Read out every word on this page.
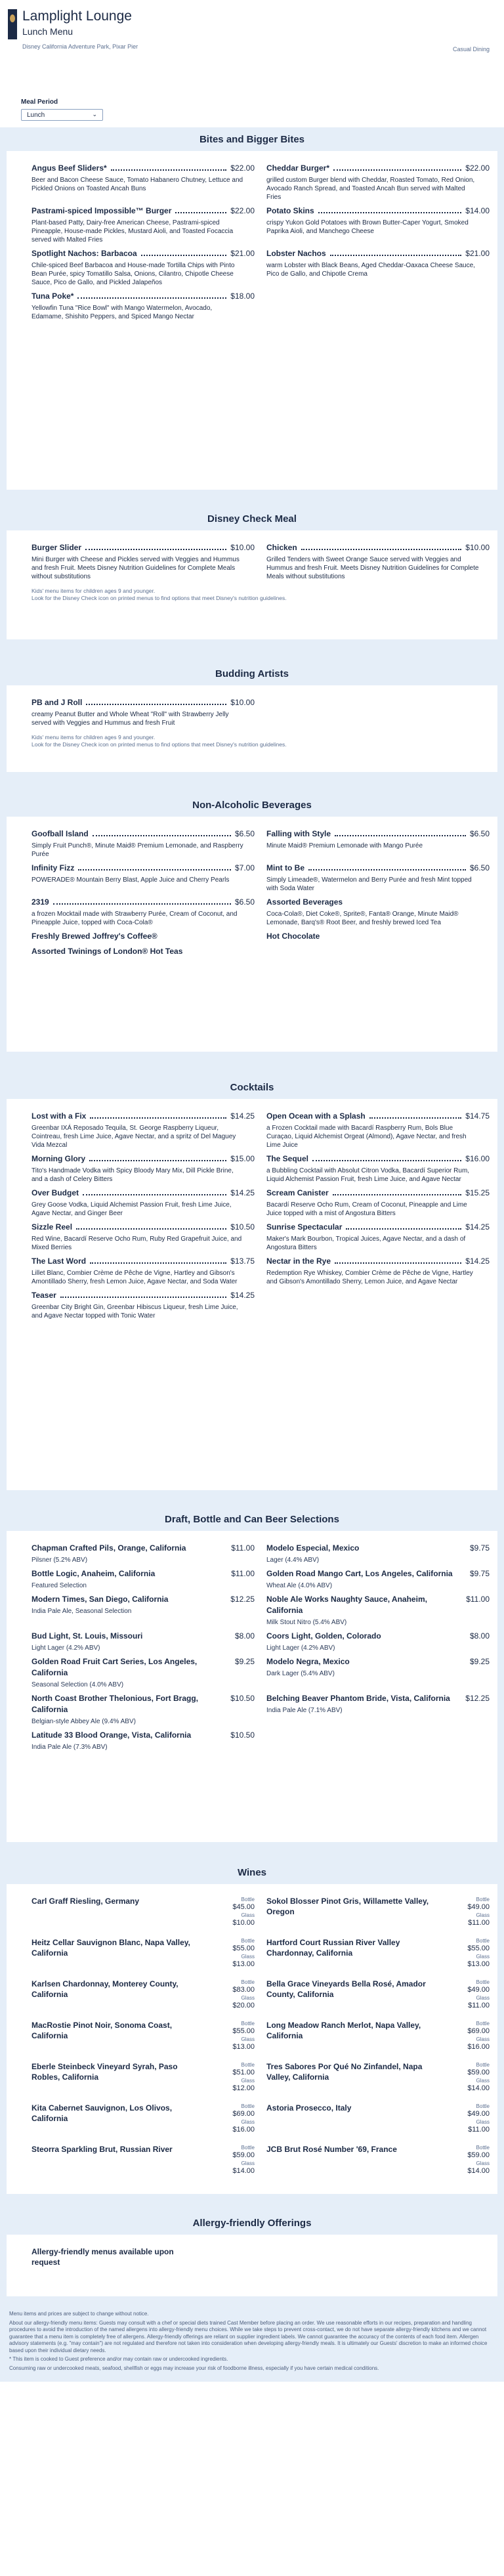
Lamplight Lounge
Lunch Menu
Disney California Adventure Park, Pixar Pier	Casual Dining
Meal Period
Lunch	⌄
Bites and Bigger Bites
Angus Beef Sliders*	$22.00
Beer and Bacon Cheese Sauce, Tomato Habanero Chutney, Lettuce and Pickled Onions on Toasted Ancah Buns
Cheddar Burger*	$22.00
grilled custom Burger blend with Cheddar, Roasted Tomato, Red Onion, Avocado Ranch Spread, and Toasted Ancah Bun served with Malted Fries
Pastrami-spiced Impossible™ Burger	$22.00
Plant-based Patty, Dairy-free American Cheese, Pastrami-spiced Pineapple, House-made Pickles, Mustard Aioli, and Toasted Focaccia served with Malted Fries
Potato Skins	$14.00
crispy Yukon Gold Potatoes with Brown Butter-Caper Yogurt, Smoked Paprika Aioli, and Manchego Cheese
Spotlight Nachos: Barbacoa	$21.00
Chile-spiced Beef Barbacoa and House-made Tortilla Chips with Pinto Bean Purée, spicy Tomatillo Salsa, Onions, Cilantro, Chipotle Cheese Sauce, Pico de Gallo, and Pickled Jalapeños
Lobster Nachos	$21.00
warm Lobster with Black Beans, Aged Cheddar-Oaxaca Cheese Sauce, Pico de Gallo, and Chipotle Crema
Tuna Poke*	$18.00
Yellowfin Tuna "Rice Bowl" with Mango Watermelon, Avocado, Edamame, Shishito Peppers, and Spiced Mango Nectar
Disney Check Meal
Burger Slider	$10.00
Mini Burger with Cheese and Pickles served with Veggies and Hummus and fresh Fruit. Meets Disney Nutrition Guidelines for Complete Meals without substitutions
Chicken	$10.00
Grilled Tenders with Sweet Orange Sauce served with Veggies and Hummus and fresh Fruit. Meets Disney Nutrition Guidelines for Complete Meals without substitutions
Kids' menu items for children ages 9 and younger.
Look for the Disney Check icon on printed menus to find options that meet Disney's nutrition guidelines.
Budding Artists
PB and J Roll	$10.00
creamy Peanut Butter and Whole Wheat "Roll" with Strawberry Jelly served with Veggies and Hummus and fresh Fruit
Kids' menu items for children ages 9 and younger.
Look for the Disney Check icon on printed menus to find options that meet Disney's nutrition guidelines.
Non-Alcoholic Beverages
Goofball Island	$6.50
Simply Fruit Punch®, Minute Maid® Premium Lemonade, and Raspberry Purée
Falling with Style	$6.50
Minute Maid® Premium Lemonade with Mango Purée
Infinity Fizz	$7.00
POWERADE® Mountain Berry Blast, Apple Juice and Cherry Pearls
Mint to Be	$6.50
Simply Limeade®, Watermelon and Berry Purée and fresh Mint topped with Soda Water
2319	$6.50
a frozen Mocktail made with Strawberry Purée, Cream of Coconut, and Pineapple Juice, topped with Coca-Cola®
Assorted Beverages
Coca-Cola®, Diet Coke®, Sprite®, Fanta® Orange, Minute Maid® Lemonade, Barq's® Root Beer, and freshly brewed Iced Tea
Freshly Brewed Joffrey's Coffee®	Hot Chocolate
Assorted Twinings of London® Hot Teas
Cocktails
Lost with a Fix	$14.25
Greenbar IXÁ Reposado Tequila, St. George Raspberry Liqueur, Cointreau, fresh Lime Juice, Agave Nectar, and a spritz of Del Maguey Vida Mezcal
Open Ocean with a Splash	$14.75
a Frozen Cocktail made with Bacardí Raspberry Rum, Bols Blue Curaçao, Liquid Alchemist Orgeat (Almond), Agave Nectar, and fresh Lime Juice
Morning Glory	$15.00
Tito's Handmade Vodka with Spicy Bloody Mary Mix, Dill Pickle Brine, and a dash of Celery Bitters
The Sequel	$16.00
a Bubbling Cocktail with Absolut Citron Vodka, Bacardí Superior Rum, Liquid Alchemist Passion Fruit, fresh Lime Juice, and Agave Nectar
Over Budget	$14.25
Grey Goose Vodka, Liquid Alchemist Passion Fruit, fresh Lime Juice, Agave Nectar, and Ginger Beer
Scream Canister	$15.25
Bacardí Reserve Ocho Rum, Cream of Coconut, Pineapple and Lime Juice topped with a mist of Angostura Bitters
Sizzle Reel	$10.50
Red Wine, Bacardí Reserve Ocho Rum, Ruby Red Grapefruit Juice, and Mixed Berries
Sunrise Spectacular	$14.25
Maker's Mark Bourbon, Tropical Juices, Agave Nectar, and a dash of Angostura Bitters
The Last Word	$13.75
Lillet Blanc, Combier Crème de Pêche de Vigne, Hartley and Gibson's Amontillado Sherry, fresh Lemon Juice, Agave Nectar, and Soda Water
Nectar in the Rye	$14.25
Redemption Rye Whiskey, Combier Crème de Pêche de Vigne, Hartley and Gibson's Amontillado Sherry, Lemon Juice, and Agave Nectar
Teaser	$14.25
Greenbar City Bright Gin, Greenbar Hibiscus Liqueur, fresh Lime Juice, and Agave Nectar topped with Tonic Water
Draft, Bottle and Can Beer Selections
Chapman Crafted Pils, Orange, California	$11.00
Pilsner (5.2% ABV)
Modelo Especial, Mexico	$9.75
Lager (4.4% ABV)
Bottle Logic, Anaheim, California	$11.00
Featured Selection
Golden Road Mango Cart, Los Angeles, California $9.75
Wheat Ale (4.0% ABV)
Modern Times, San Diego, California	$12.25
India Pale Ale, Seasonal Selection
Noble Ale Works Naughty Sauce, Anaheim, California
$11.00
Milk Stout Nitro (5.4% ABV)
Bud Light, St. Louis, Missouri	$8.00
Light Lager (4.2% ABV)
Coors Light, Golden, Colorado	$8.00
Light Lager (4.2% ABV)
Golden Road Fruit Cart Series, Los Angeles, California
$9.25
Seasonal Selection (4.0% ABV)
Modelo Negra, Mexico	$9.25
Dark Lager (5.4% ABV)
North Coast Brother Thelonious, Fort Bragg, California
$10.50
Belgian-style Abbey Ale (9.4% ABV)
Belching Beaver Phantom Bride, Vista, California $12.25
India Pale Ale (7.1% ABV)
Latitude 33 Blood Orange, Vista, California	$10.50
India Pale Ale (7.3% ABV)
Wines
Carl Graff Riesling, Germany	Bottle
$45.00
Glass
$10.00
Sokol Blosser Pinot Gris, Willamette Valley, Oregon
Bottle
$49.00
Glass
$11.00
Heitz Cellar Sauvignon Blanc, Napa Valley, California
Bottle
$55.00
Glass
$13.00
Hartford Court Russian River Valley Chardonnay, California
Bottle
$55.00
Glass
$13.00
Karlsen Chardonnay, Monterey County, California
Bottle
$83.00
Glass
$20.00
Bella Grace Vineyards Bella Rosé, Amador County, California
Bottle
$49.00
Glass
$11.00
MacRostie Pinot Noir, Sonoma Coast, California
Bottle
$55.00
Glass
$13.00
Long Meadow Ranch Merlot, Napa Valley, California
Bottle
$69.00
Glass
$16.00
Eberle Steinbeck Vineyard Syrah, Paso Robles, California
Bottle
$51.00
Glass
$12.00
Tres Sabores Por Qué No Zinfandel, Napa Valley, California
Bottle
$59.00
Glass
$14.00
Kita Cabernet Sauvignon, Los Olivos, California
Bottle
$69.00
Glass
$16.00
Astoria Prosecco, Italy	Bottle
$49.00
Glass
$11.00
Steorra Sparkling Brut, Russian River	Bottle
$59.00
Glass
$14.00
JCB Brut Rosé Number '69, France	Bottle
$59.00
Glass
$14.00
Allergy-friendly Offerings
Allergy-friendly menus available upon request

Menu items and prices are subject to change without notice.

About our allergy-friendly menu items: Guests may consult with a chef or special diets trained Cast Member before placing an order. We use reasonable efforts in our recipes, preparation and handling procedures to avoid the introduction of the named allergens into allergy-friendly menu choices. While we take steps to prevent cross-contact, we do not have separate allergy-friendly kitchens and we cannot guarantee that a menu item is completely free of allergens. Allergy-friendly offerings are reliant on supplier ingredient labels. We cannot guarantee the accuracy of the contents of each food item. Allergen advisory statements (e.g. "may contain") are not regulated and therefore not taken into consideration when developing allergy-friendly meals. It is ultimately our Guests' discretion to make an informed choice based upon their individual dietary needs.

* This item is cooked to Guest preference and/or may contain raw or undercooked ingredients.

Consuming raw or undercooked meats, seafood, shellfish or eggs may increase your risk of foodborne illness, especially if you have certain medical conditions.
